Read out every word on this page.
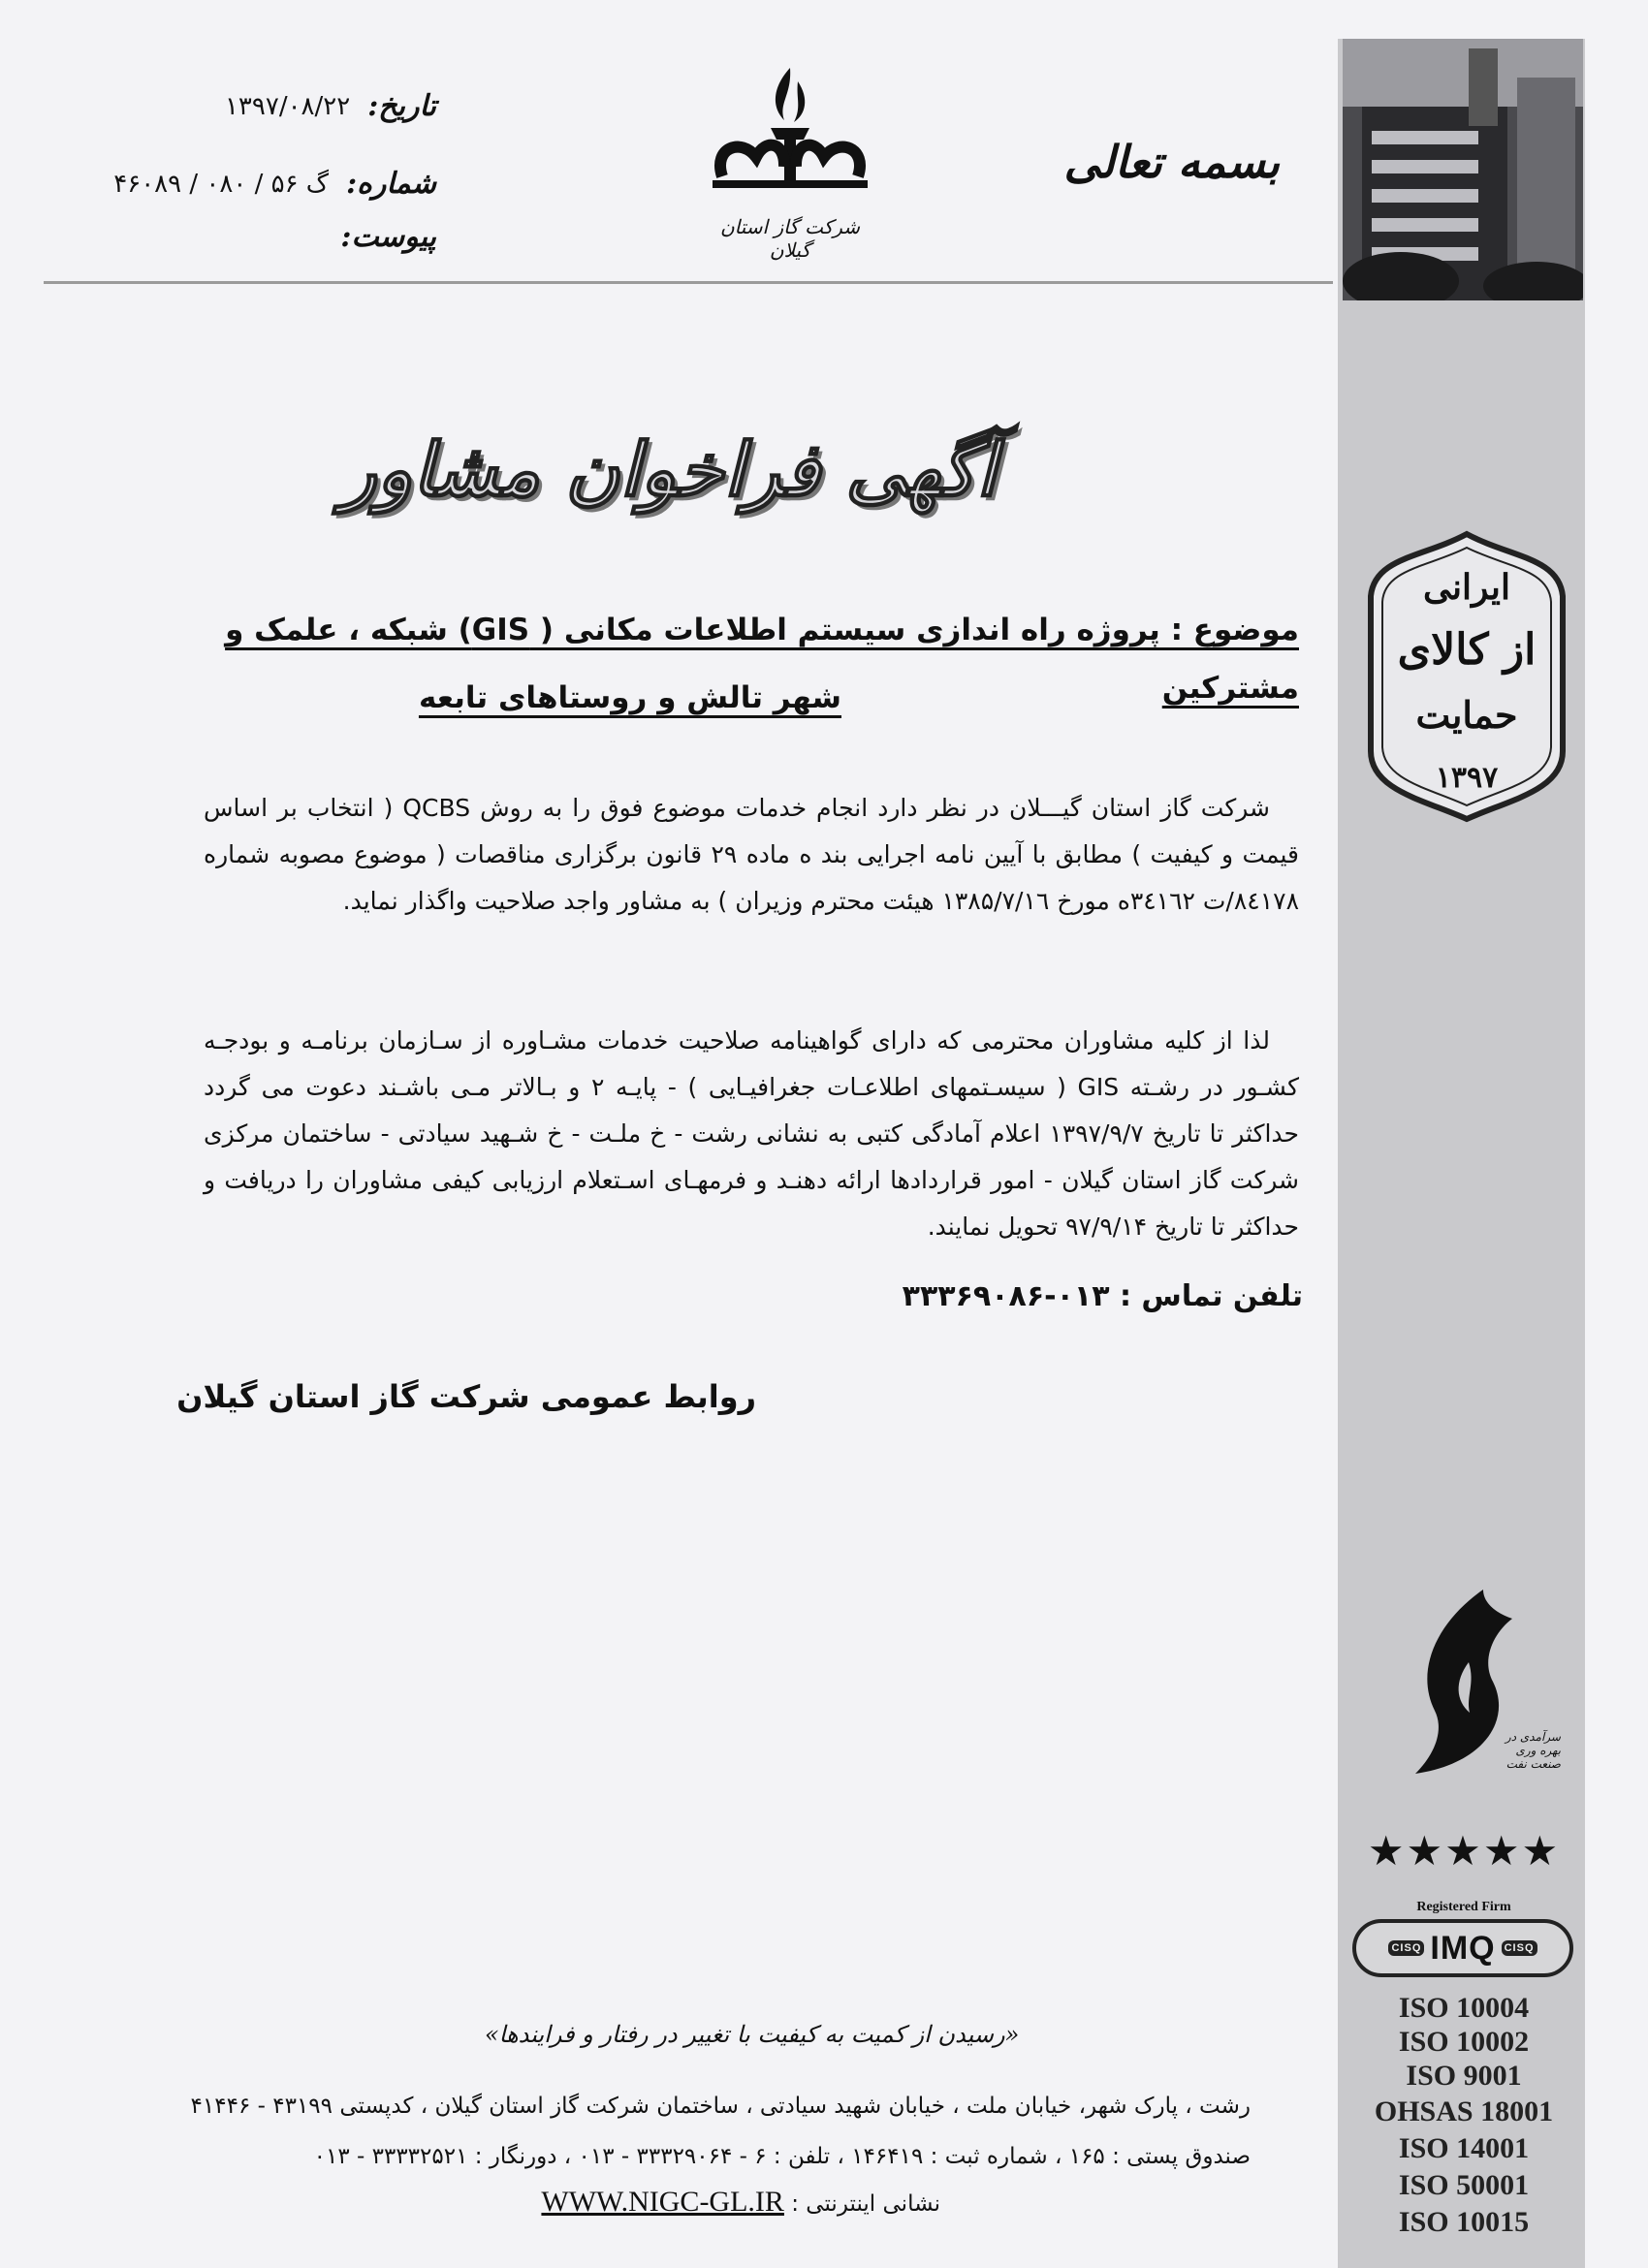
تاریخ:
۱۳۹۷/۰۸/۲۲
شماره:
گ ۵۶ / ۰۸۰ / ۴۶۰۸۹
پیوست:	شرکت گاز استان گیلان
بسمه تعالی
آگهی فراخوان مشاور
موضوع : پروژه راه اندازی سیستم اطلاعات مکانی ( GIS) شبکه ، علمک و مشترکین
شهر تالش و روستاهای تابعه

شرکت گاز استان گیـــلان در نظر دارد انجام خدمات موضوع فوق را به روش QCBS ( انتخاب بر اساس قیمت و کیفیت ) مطابق با آیین نامه اجرایی بند ه ماده ۲۹ قانون برگزاری مناقصات ( موضوع مصوبه شماره ۸٤۱۷۸/ت ۳٤۱٦۲ه مورخ ۱۳۸۵/۷/۱٦ هیئت محترم وزیران ) به مشاور واجد صلاحیت واگذار نماید.

لذا از کلیه مشاوران محترمی که دارای گواهینامه صلاحیت خدمات مشـاوره از سـازمان برنامـه و بودجـه کشـور در رشـته GIS ( سیسـتمهای اطلاعـات جغرافیـایی ) - پایـه ۲ و بـالاتر مـی باشـند دعوت می گردد حداکثر تا تاریخ ۱۳۹۷/۹/۷ اعلام آمادگی کتبی به نشانی رشت - خ ملـت - خ شـهید سیادتی - ساختمان مرکزی شرکت گاز استان گیلان - امور قراردادها ارائه دهنـد و فرمهـای اسـتعلام ارزیابی کیفی مشاوران را دریافت و حداکثر تا تاریخ ۹۷/۹/۱۴ تحویل نمایند.

تلفن تماس : ۰۱۳-۳۳۳۶۹۰۸۶
روابط عمومی شرکت گاز استان گیلان
ایرانی
از کالای
حمایت
۱۳۹۷
سرآمدی در بهره وری صنعت نفت
★★★★★
Registered Firm
CISQ IMQ CISQ
ISO 10004
ISO 10002
ISO 9001
OHSAS 18001
ISO 14001
ISO 50001
ISO 10015
«رسیدن از کمیت به کیفیت با تغییر در رفتار و فرایندها»
رشت ، پارک شهر، خیابان ملت ، خیابان شهید سیادتی ، ساختمان شرکت گاز استان گیلان ، کدپستی ۴۳۱۹۹ - ۴۱۴۴۶
صندوق پستی : ۱۶۵ ، شماره ثبت : ۱۴۶۴۱۹ ، تلفن : ۶ - ۳۳۳۲۹۰۶۴ - ۰۱۳ ، دورنگار : ۳۳۳۳۲۵۲۱ - ۰۱۳
نشانی اینترنتی : WWW.NIGC-GL.IR
